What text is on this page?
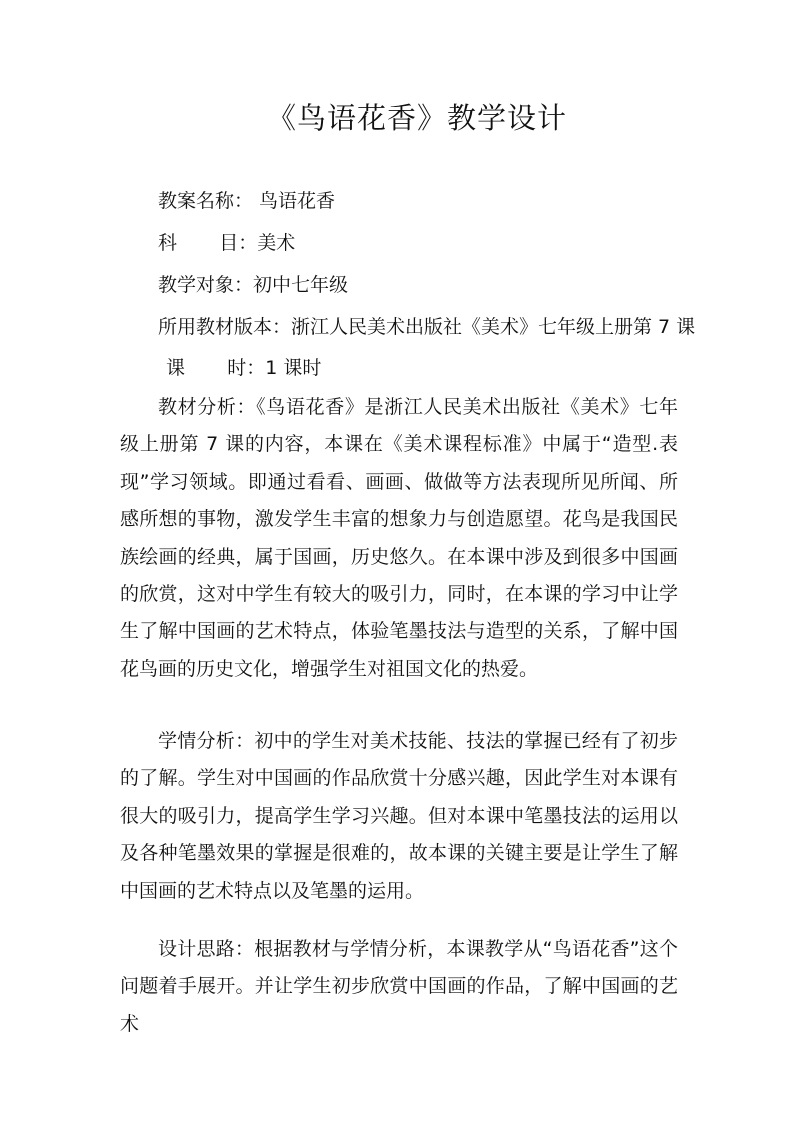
《鸟语花香》教学设计
教案名称： 鸟语花香
科       目：美术
教学对象：初中七年级
所用教材版本：浙江人民美术出版社《美术》七年级上册第 7 课
课       时：1 课时

教材分析：《鸟语花香》是浙江人民美术出版社《美术》七年级上册第 7 课的内容，本课在《美术课程标准》中属于“造型.表现”学习领域。即通过看看、画画、做做等方法表现所见所闻、所感所想的事物，激发学生丰富的想象力与创造愿望。花鸟是我国民族绘画的经典，属于国画，历史悠久。在本课中涉及到很多中国画的欣赏，这对中学生有较大的吸引力，同时，在本课的学习中让学生了解中国画的艺术特点，体验笔墨技法与造型的关系，了解中国花鸟画的历史文化，增强学生对祖国文化的热爱。

学情分析：初中的学生对美术技能、技法的掌握已经有了初步的了解。学生对中国画的作品欣赏十分感兴趣，因此学生对本课有很大的吸引力，提高学生学习兴趣。但对本课中笔墨技法的运用以及各种笔墨效果的掌握是很难的，故本课的关键主要是让学生了解中国画的艺术特点以及笔墨的运用。

设计思路：根据教材与学情分析，本课教学从“鸟语花香”这个问题着手展开。并让学生初步欣赏中国画的作品，了解中国画的艺术
